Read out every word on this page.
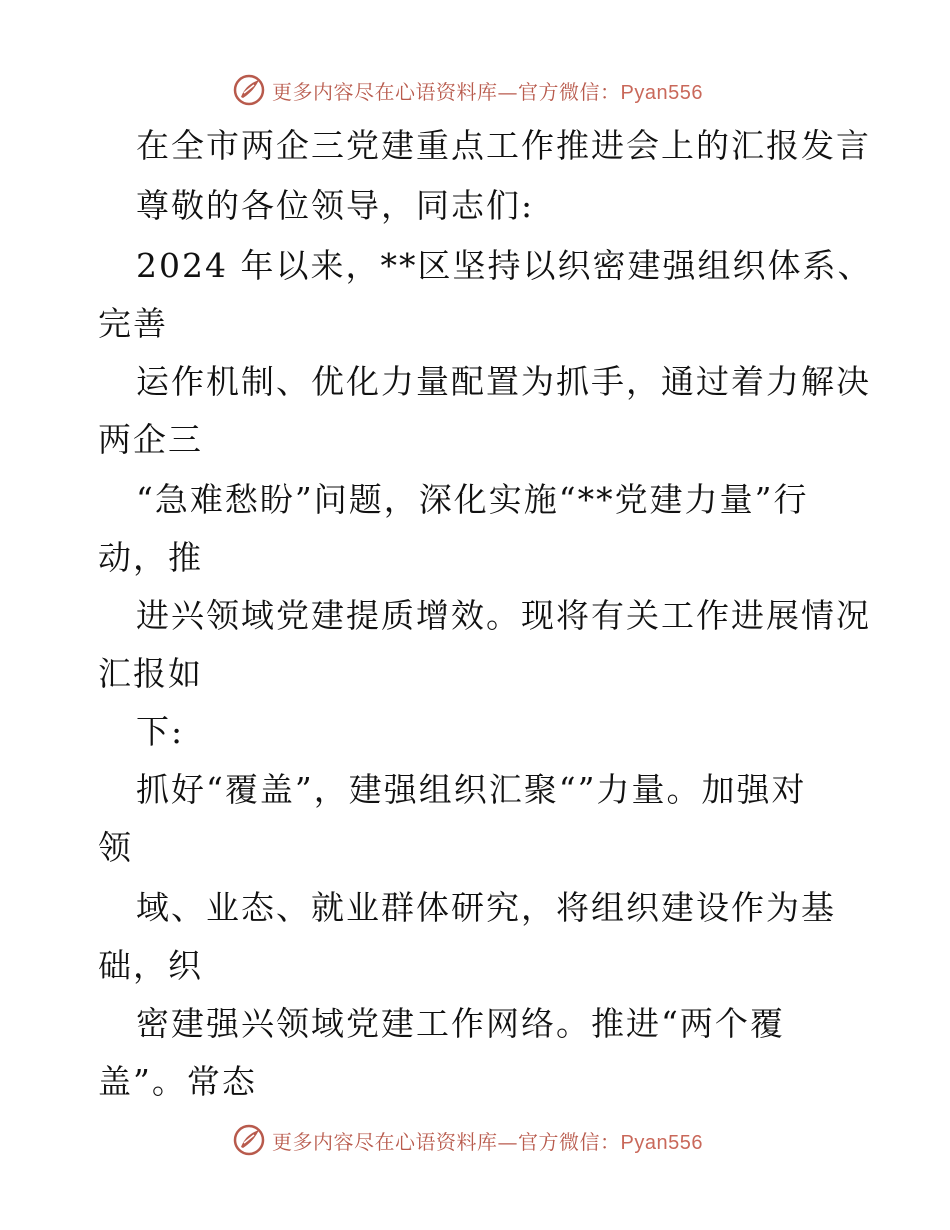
更多内容尽在心语资料库—官方微信：Pyan556
在全市两企三党建重点工作推进会上的汇报发言
尊敬的各位领导，同志们:
2024 年以来，**区坚持以织密建强组织体系、
完善
运作机制、优化力量配置为抓手，通过着力解决
两企三
“急难愁盼”问题，深化实施“**党建力量”行
动，推
进兴领域党建提质增效。现将有关工作进展情况
汇报如
下:
抓好“覆盖”，建强组织汇聚“”力量。加强对
领
域、业态、就业群体研究，将组织建设作为基
础，织
密建强兴领域党建工作网络。推进“两个覆
盖”。常态
更多内容尽在心语资料库—官方微信：Pyan556
